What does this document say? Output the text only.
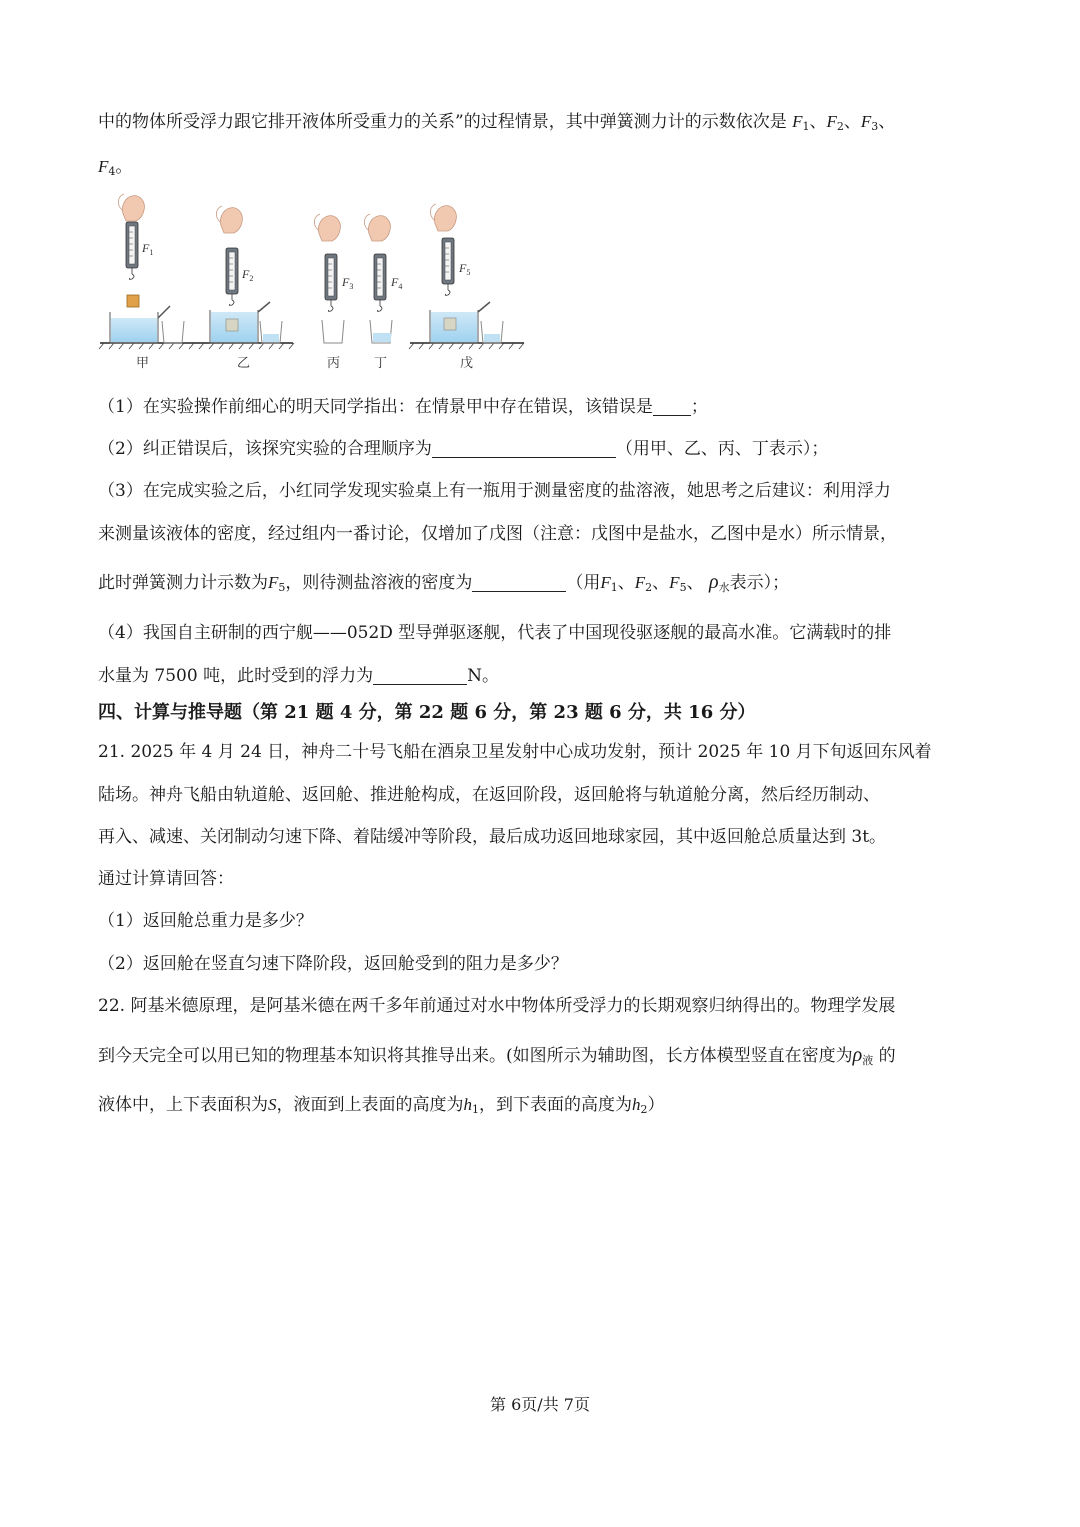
中的物体所受浮力跟它排开液体所受重力的关系”的过程情景，其中弹簧测力计的示数依次是 $F_1$、$F_2$、$F_3$、
$F_4$。
$F_1$
甲
$F_2$
乙
$F_3$
丙
$F_4$
丁
$F_5$
戊
（1）在实验操作前细心的明天同学指出：在情景甲中存在错误，该错误是 ；
（2）纠正错误后，该探究实验的合理顺序为	（用甲、乙、丙、丁表示）；
（3）在完成实验之后，小红同学发现实验桌上有一瓶用于测量密度的盐溶液，她思考之后建议：利用浮力
来测量该液体的密度，经过组内一番讨论，仅增加了戊图（注意：戊图中是盐水，乙图中是水）所示情景，
此时弹簧测力计示数为$F_5$，则待测盐溶液的密度为	（用$F_1$、$F_2$、$F_5$、 $\rho_水$表示）；
（4）我国自主研制的西宁舰——052D 型导弹驱逐舰，代表了中国现役驱逐舰的最高水准。它满载时的排
水量为 7500 吨，此时受到的浮力为	N。
四、计算与推导题（第 21 题 4 分，第 22 题 6 分，第 23 题 6 分，共 16 分）
21. 2025 年 4 月 24 日，神舟二十号飞船在酒泉卫星发射中心成功发射，预计 2025 年 10 月下旬返回东风着
陆场。神舟飞船由轨道舱、返回舱、推进舱构成，在返回阶段，返回舱将与轨道舱分离，然后经历制动、
再入、减速、关闭制动匀速下降、着陆缓冲等阶段，最后成功返回地球家园，其中返回舱总质量达到 3t。
通过计算请回答：
（1）返回舱总重力是多少？
（2）返回舱在竖直匀速下降阶段，返回舱受到的阻力是多少？
22. 阿基米德原理，是阿基米德在两千多年前通过对水中物体所受浮力的长期观察归纳得出的。物理学发展
到今天完全可以用已知的物理基本知识将其推导出来。(如图所示为辅助图，长方体模型竖直在密度为$\rho_液$ 的
液体中，上下表面积为S，液面到上表面的高度为$h_1$，到下表面的高度为$h_2$）
第 6页/共 7页
